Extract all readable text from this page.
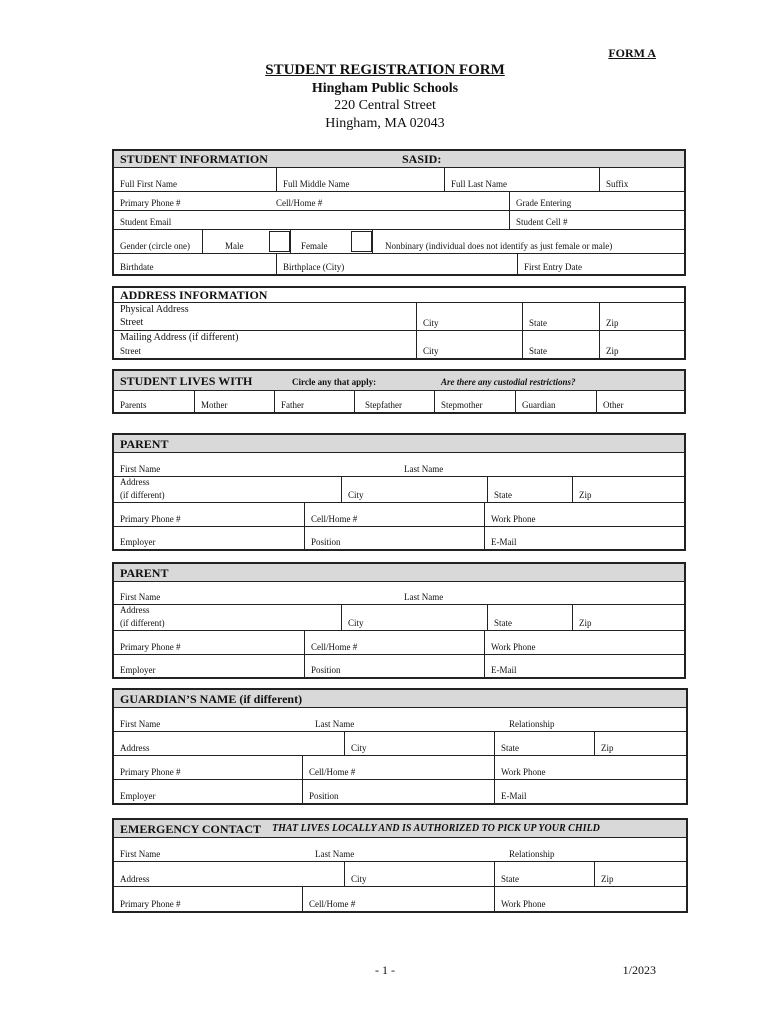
FORM A
STUDENT REGISTRATION FORM
Hingham Public Schools
220 Central Street
Hingham, MA 02043
STUDENT INFORMATION	SASID:
Full First Name	Full Middle Name	Full Last Name	Suffix
Primary Phone #	Cell/Home #	Grade Entering
Student Email	Student Cell #
Gender (circle one)	Male	Female	Nonbinary (individual does not identify as just female or male)
Birthdate	Birthplace (City)	First Entry Date
ADDRESS INFORMATION
Physical Address
Street	City	State	Zip
Mailing Address (if different)
Street	City	State	Zip
STUDENT LIVES WITH	Circle any that apply:	Are there any custodial restrictions?
Parents	Mother	Father	Stepfather	Stepmother	Guardian	Other
PARENT
First Name	Last Name
Address
(if different)	City	State	Zip
Primary Phone #	Cell/Home #	Work Phone
Employer	Position	E-Mail
PARENT
First Name	Last Name
Address
(if different)	City	State	Zip
Primary Phone #	Cell/Home #	Work Phone
Employer	Position	E-Mail
GUARDIAN’S NAME (if different)
First Name	Last Name	Relationship
Address	City	State	Zip
Primary Phone #	Cell/Home #	Work Phone
Employer	Position	E-Mail
EMERGENCY CONTACT THAT LIVES LOCALLY AND IS AUTHORIZED TO PICK UP YOUR CHILD
First Name	Last Name	Relationship
Address	City	State	Zip
Primary Phone #	Cell/Home #	Work Phone
- 1 -	1/2023
